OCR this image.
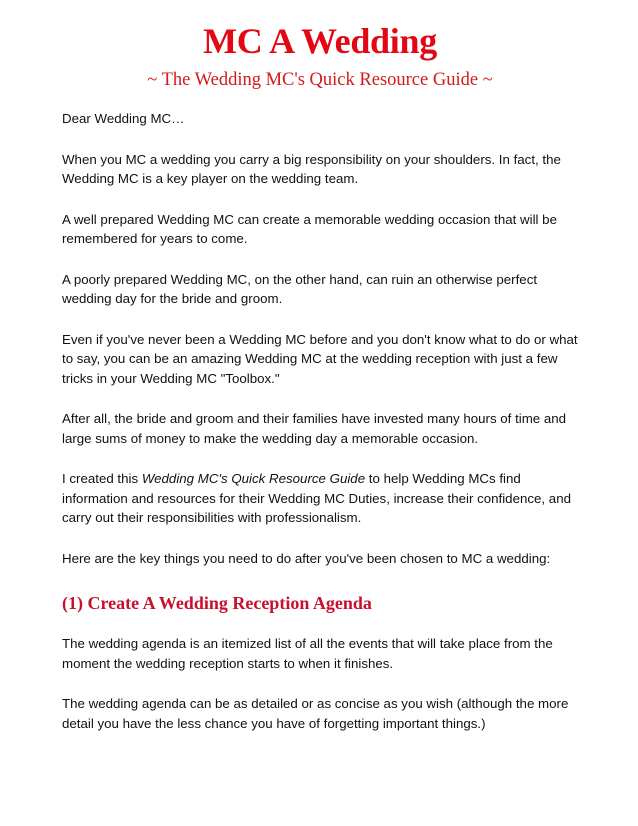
MC A Wedding
~ The Wedding MC's Quick Resource Guide ~

Dear Wedding MC…

When you MC a wedding you carry a big responsibility on your shoulders. In fact, the Wedding MC is a key player on the wedding team.

A well prepared Wedding MC can create a memorable wedding occasion that will be remembered for years to come.

A poorly prepared Wedding MC, on the other hand, can ruin an otherwise perfect wedding day for the bride and groom.

Even if you've never been a Wedding MC before and you don't know what to do or what to say, you can be an amazing Wedding MC at the wedding reception with just a few tricks in your Wedding MC "Toolbox."

After all, the bride and groom and their families have invested many hours of time and large sums of money to make the wedding day a memorable occasion.

I created this Wedding MC's Quick Resource Guide to help Wedding MCs find information and resources for their Wedding MC Duties, increase their confidence, and carry out their responsibilities with professionalism.

Here are the key things you need to do after you've been chosen to MC a wedding:

(1) Create A Wedding Reception Agenda

The wedding agenda is an itemized list of all the events that will take place from the moment the wedding reception starts to when it finishes.

The wedding agenda can be as detailed or as concise as you wish (although the more detail you have the less chance you have of forgetting important things.)
